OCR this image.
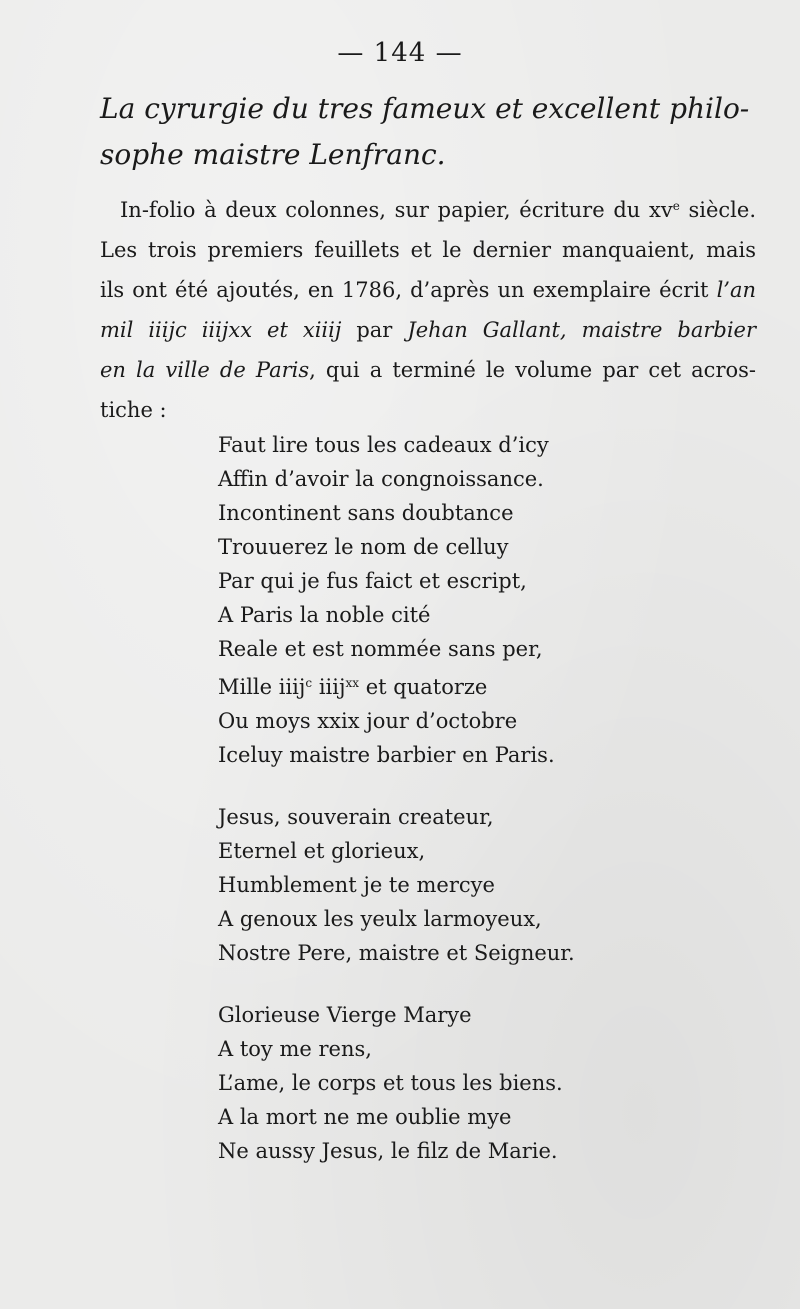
— 144 —
La cyrurgie du tres fameux et excellent philo-
sophe maistre Lenfranc.

In-folio à deux colonnes, sur papier, écriture du $xv^e$ siècle.
Les trois premiers feuillets et le dernier manquaient, mais
ils ont été ajoutés, en 1786, d’après un exemplaire écrit l’an
mil iiijc iiijxx et xiiij par Jehan Gallant, maistre barbier
en la ville de Paris, qui a terminé le volume par cet acros-
tiche :

Faut lire tous les cadeaux d’icy
Affin d’avoir la congnoissance.
Incontinent sans doubtance
Trouuerez le nom de celluy
Par qui je fus faict et escript,
A Paris la noble cité
Reale et est nommée sans per,
Mille iiij$^c$ iiij$^{xx}$ et quatorze
Ou moys xxix jour d’octobre
Iceluy maistre barbier en Paris.
Jesus, souverain createur,
Eternel et glorieux,
Humblement je te mercye
A genoux les yeulx larmoyeux,
Nostre Pere, maistre et Seigneur.
Glorieuse Vierge Marye
A toy me rens,
L’ame, le corps et tous les biens.
A la mort ne me oublie mye
Ne aussy Jesus, le filz de Marie.
